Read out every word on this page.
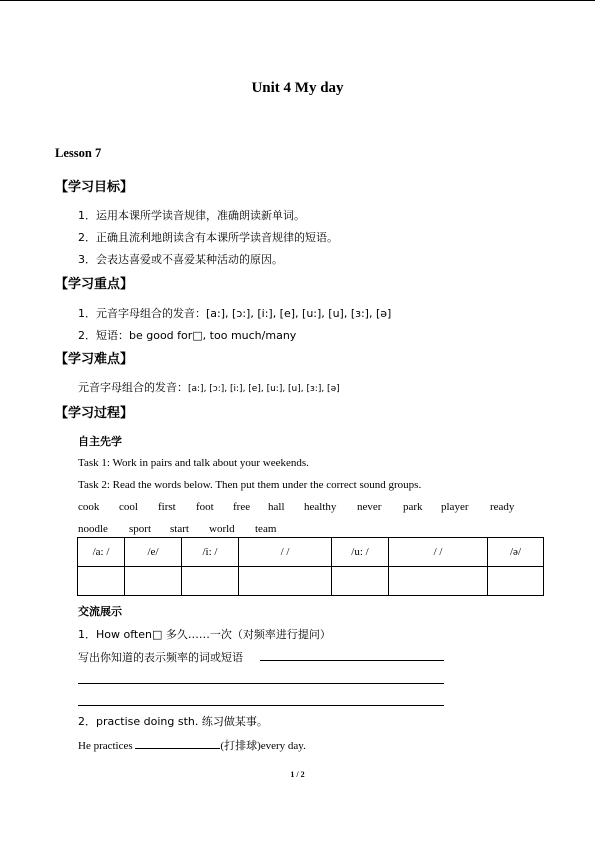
Unit 4 My day
Lesson 7
【学习目标】
1．运用本课所学读音规律，准确朗读新单词。
2．正确且流利地朗读含有本课所学读音规律的短语。
3．会表达喜爱或不喜爱某种活动的原因。
【学习重点】
1．元音字母组合的发音：[a:], [ɔ:], [i:], [e], [u:], [u], [ɜ:], [ə]
2．短语：be good for□, too much/many
【学习难点】
元音字母组合的发音：[a:], [ɔ:], [i:], [e], [u:], [u], [ɜ:], [ə]
【学习过程】
自主先学
Task 1: Work in pairs and talk about your weekends.
Task 2: Read the words below. Then put them under the correct sound groups.
cook cool first foot free hall healthy never park player ready
noodle sport start world team
/a: /	/e/	/i: /	/ /	/u: /	/ /	/ə/

交流展示
1．How often□ 多久……一次（对频率进行提问）
写出你知道的表示频率的词或短语
2．practise doing sth. 练习做某事。
He practices	(打排球)every day.
1 / 2
